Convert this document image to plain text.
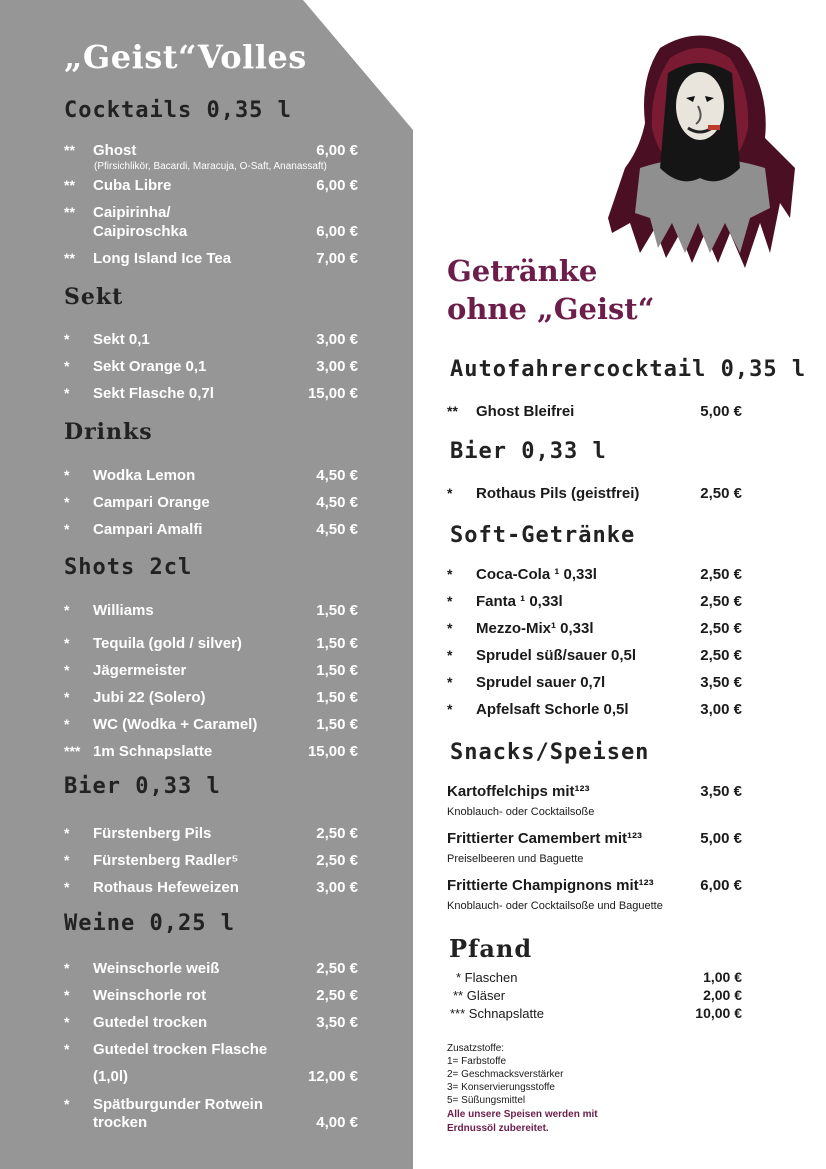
„Geist“Volles
Cocktails 0,35 l
** Ghost	6,00 €
(Pfirsichlikör, Bacardi, Maracuja, O-Saft, Ananassaft)
** Cuba Libre	6,00 €
** Caipirinha/
Caipiroschka	6,00 €
** Long Island Ice Tea	7,00 €
Sekt
* Sekt 0,1	3,00 €
* Sekt Orange 0,1	3,00 €
* Sekt Flasche 0,7l	15,00 €
Drinks
* Wodka Lemon	4,50 €
* Campari Orange	4,50 €
* Campari Amalfi	4,50 €
Shots 2cl
* Williams	1,50 €
* Tequila (gold / silver)	1,50 €
* Jägermeister	1,50 €
* Jubi 22 (Solero)	1,50 €
* WC (Wodka + Caramel)	1,50 €
*** 1m Schnapslatte	15,00 €
Bier 0,33 l
* Fürstenberg Pils	2,50 €
* Fürstenberg Radler⁵	2,50 €
* Rothaus Hefeweizen	3,00 €
Weine 0,25 l
* Weinschorle weiß	2,50 €
* Weinschorle rot	2,50 €
* Gutedel trocken	3,50 €
* Gutedel trocken Flasche
(1,0l)	12,00 €
* Spätburgunder Rotwein
trocken	4,00 €
Getränke
ohne „Geist“
Autofahrercocktail 0,35 l
** Ghost Bleifrei	5,00 €
Bier 0,33 l
* Rothaus Pils (geistfrei)	2,50 €
Soft-Getränke
* Coca-Cola ¹ 0,33l	2,50 €
* Fanta ¹ 0,33l	2,50 €
* Mezzo-Mix¹ 0,33l	2,50 €
* Sprudel süß/sauer 0,5l	2,50 €
* Sprudel sauer 0,7l	3,50 €
* Apfelsaft Schorle 0,5l	3,00 €
Snacks/Speisen
Kartoffelchips mit¹²³	3,50 €
Knoblauch- oder Cocktailsoße
Frittierter Camembert mit¹²³	5,00 €
Preiselbeeren und Baguette
Frittierte Champignons mit¹²³	6,00 €
Knoblauch- oder Cocktailsoße und Baguette
Pfand
* Flaschen	1,00 €
** Gläser	2,00 €
*** Schnapslatte	10,00 €
Zusatzstoffe:
1= Farbstoffe
2= Geschmacksverstärker
3= Konservierungsstoffe
5= Süßungsmittel
Alle unsere Speisen werden mit
Erdnussöl zubereitet.
